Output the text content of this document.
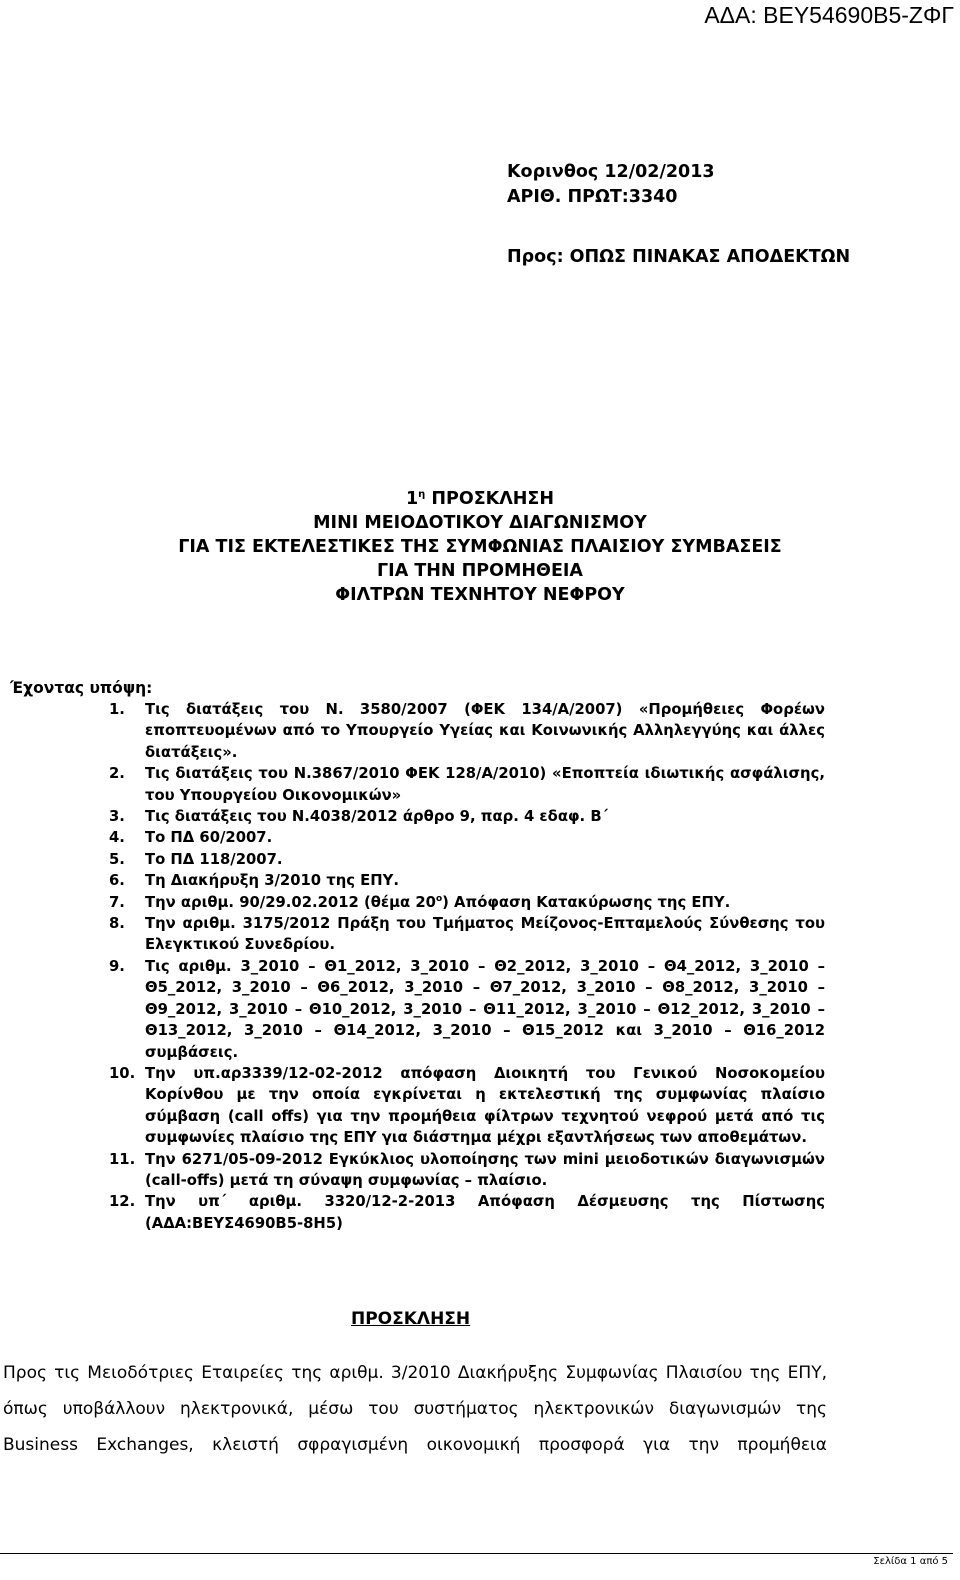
ΑΔΑ: ΒΕΥ54690Β5-ΖΦΓ
Κορινθος 12/02/2013
ΑΡΙΘ. ΠΡΩΤ:3340
Προς: ΟΠΩΣ ΠΙΝΑΚΑΣ ΑΠΟΔΕΚΤΩΝ
$1^\eta$ ΠΡΟΣΚΛΗΣΗ
ΜΙΝΙ ΜΕΙΟΔΟΤΙΚΟΥ ΔΙΑΓΩΝΙΣΜΟΥ
ΓΙΑ ΤΙΣ ΕΚΤΕΛΕΣΤΙΚΕΣ ΤΗΣ ΣΥΜΦΩΝΙΑΣ ΠΛΑΙΣΙΟΥ ΣΥΜΒΑΣΕΙΣ
ΓΙΑ ΤΗΝ ΠΡΟΜΗΘΕΙΑ
ΦΙΛΤΡΩΝ ΤΕΧΝΗΤΟΥ ΝΕΦΡΟΥ
Έχοντας υπόψη:
1. Τις διατάξεις του Ν. 3580/2007 (ΦΕΚ 134/Α/2007) «Προμήθειες Φορέων εποπτευομένων από το Υπουργείο Υγείας και Κοινωνικής Αλληλεγγύης και άλλες διατάξεις».
2. Τις διατάξεις του Ν.3867/2010 ΦΕΚ 128/Α/2010) «Εποπτεία ιδιωτικής ασφάλισης, του Υπουργείου Οικονομικών»
3. Τις διατάξεις του Ν.4038/2012 άρθρο 9, παρ. 4 εδαφ. Β΄
4. Το ΠΔ 60/2007.
5. Το ΠΔ 118/2007.
6. Τη Διακήρυξη 3/2010 της ΕΠΥ.
7. Την αριθμ. 90/29.02.2012 (θέμα $20^o$) Απόφαση Κατακύρωσης της ΕΠΥ.
8. Την αριθμ. 3175/2012 Πράξη του Τμήματος Μείζονος-Επταμελούς Σύνθεσης του Ελεγκτικού Συνεδρίου.
9. Τις αριθμ. 3_2010 – Θ1_2012, 3_2010 – Θ2_2012, 3_2010 – Θ4_2012, 3_2010 – Θ5_2012, 3_2010 – Θ6_2012, 3_2010 – Θ7_2012, 3_2010 – Θ8_2012, 3_2010 – Θ9_2012, 3_2010 – Θ10_2012, 3_2010 – Θ11_2012, 3_2010 – Θ12_2012, 3_2010 – Θ13_2012, 3_2010 – Θ14_2012, 3_2010 – Θ15_2012 και 3_2010 – Θ16_2012 συμβάσεις.
10. Την υπ.αρ3339/12-02-2012 απόφαση Διοικητή του Γενικού Νοσοκομείου Κορίνθου με την οποία εγκρίνεται η εκτελεστική της συμφωνίας πλαίσιο σύμβαση (call offs) για την προμήθεια φίλτρων τεχνητού νεφρού μετά από τις συμφωνίες πλαίσιο της ΕΠΥ για διάστημα μέχρι εξαντλήσεως των αποθεμάτων.
11. Την 6271/05-09-2012 Εγκύκλιος υλοποίησης των mini μειοδοτικών διαγωνισμών (call-offs) μετά τη σύναψη συμφωνίας – πλαίσιο.
12. Την υπ΄ αριθμ. 3320/12-2-2013 Απόφαση Δέσμευσης της Πίστωσης (ΑΔΑ:ΒΕΥΣ4690Β5-8Η5)
ΠΡΟΣΚΛΗΣΗ
Προς τις Μειοδότριες Εταιρείες της αριθμ. 3/2010 Διακήρυξης Συμφωνίας Πλαισίου της ΕΠΥ, όπως υποβάλλουν ηλεκτρονικά, μέσω του συστήματος ηλεκτρονικών διαγωνισμών της Business Exchanges, κλειστή σφραγισμένη οικονομική προσφορά για την προμήθεια
Σελίδα 1 από 5
